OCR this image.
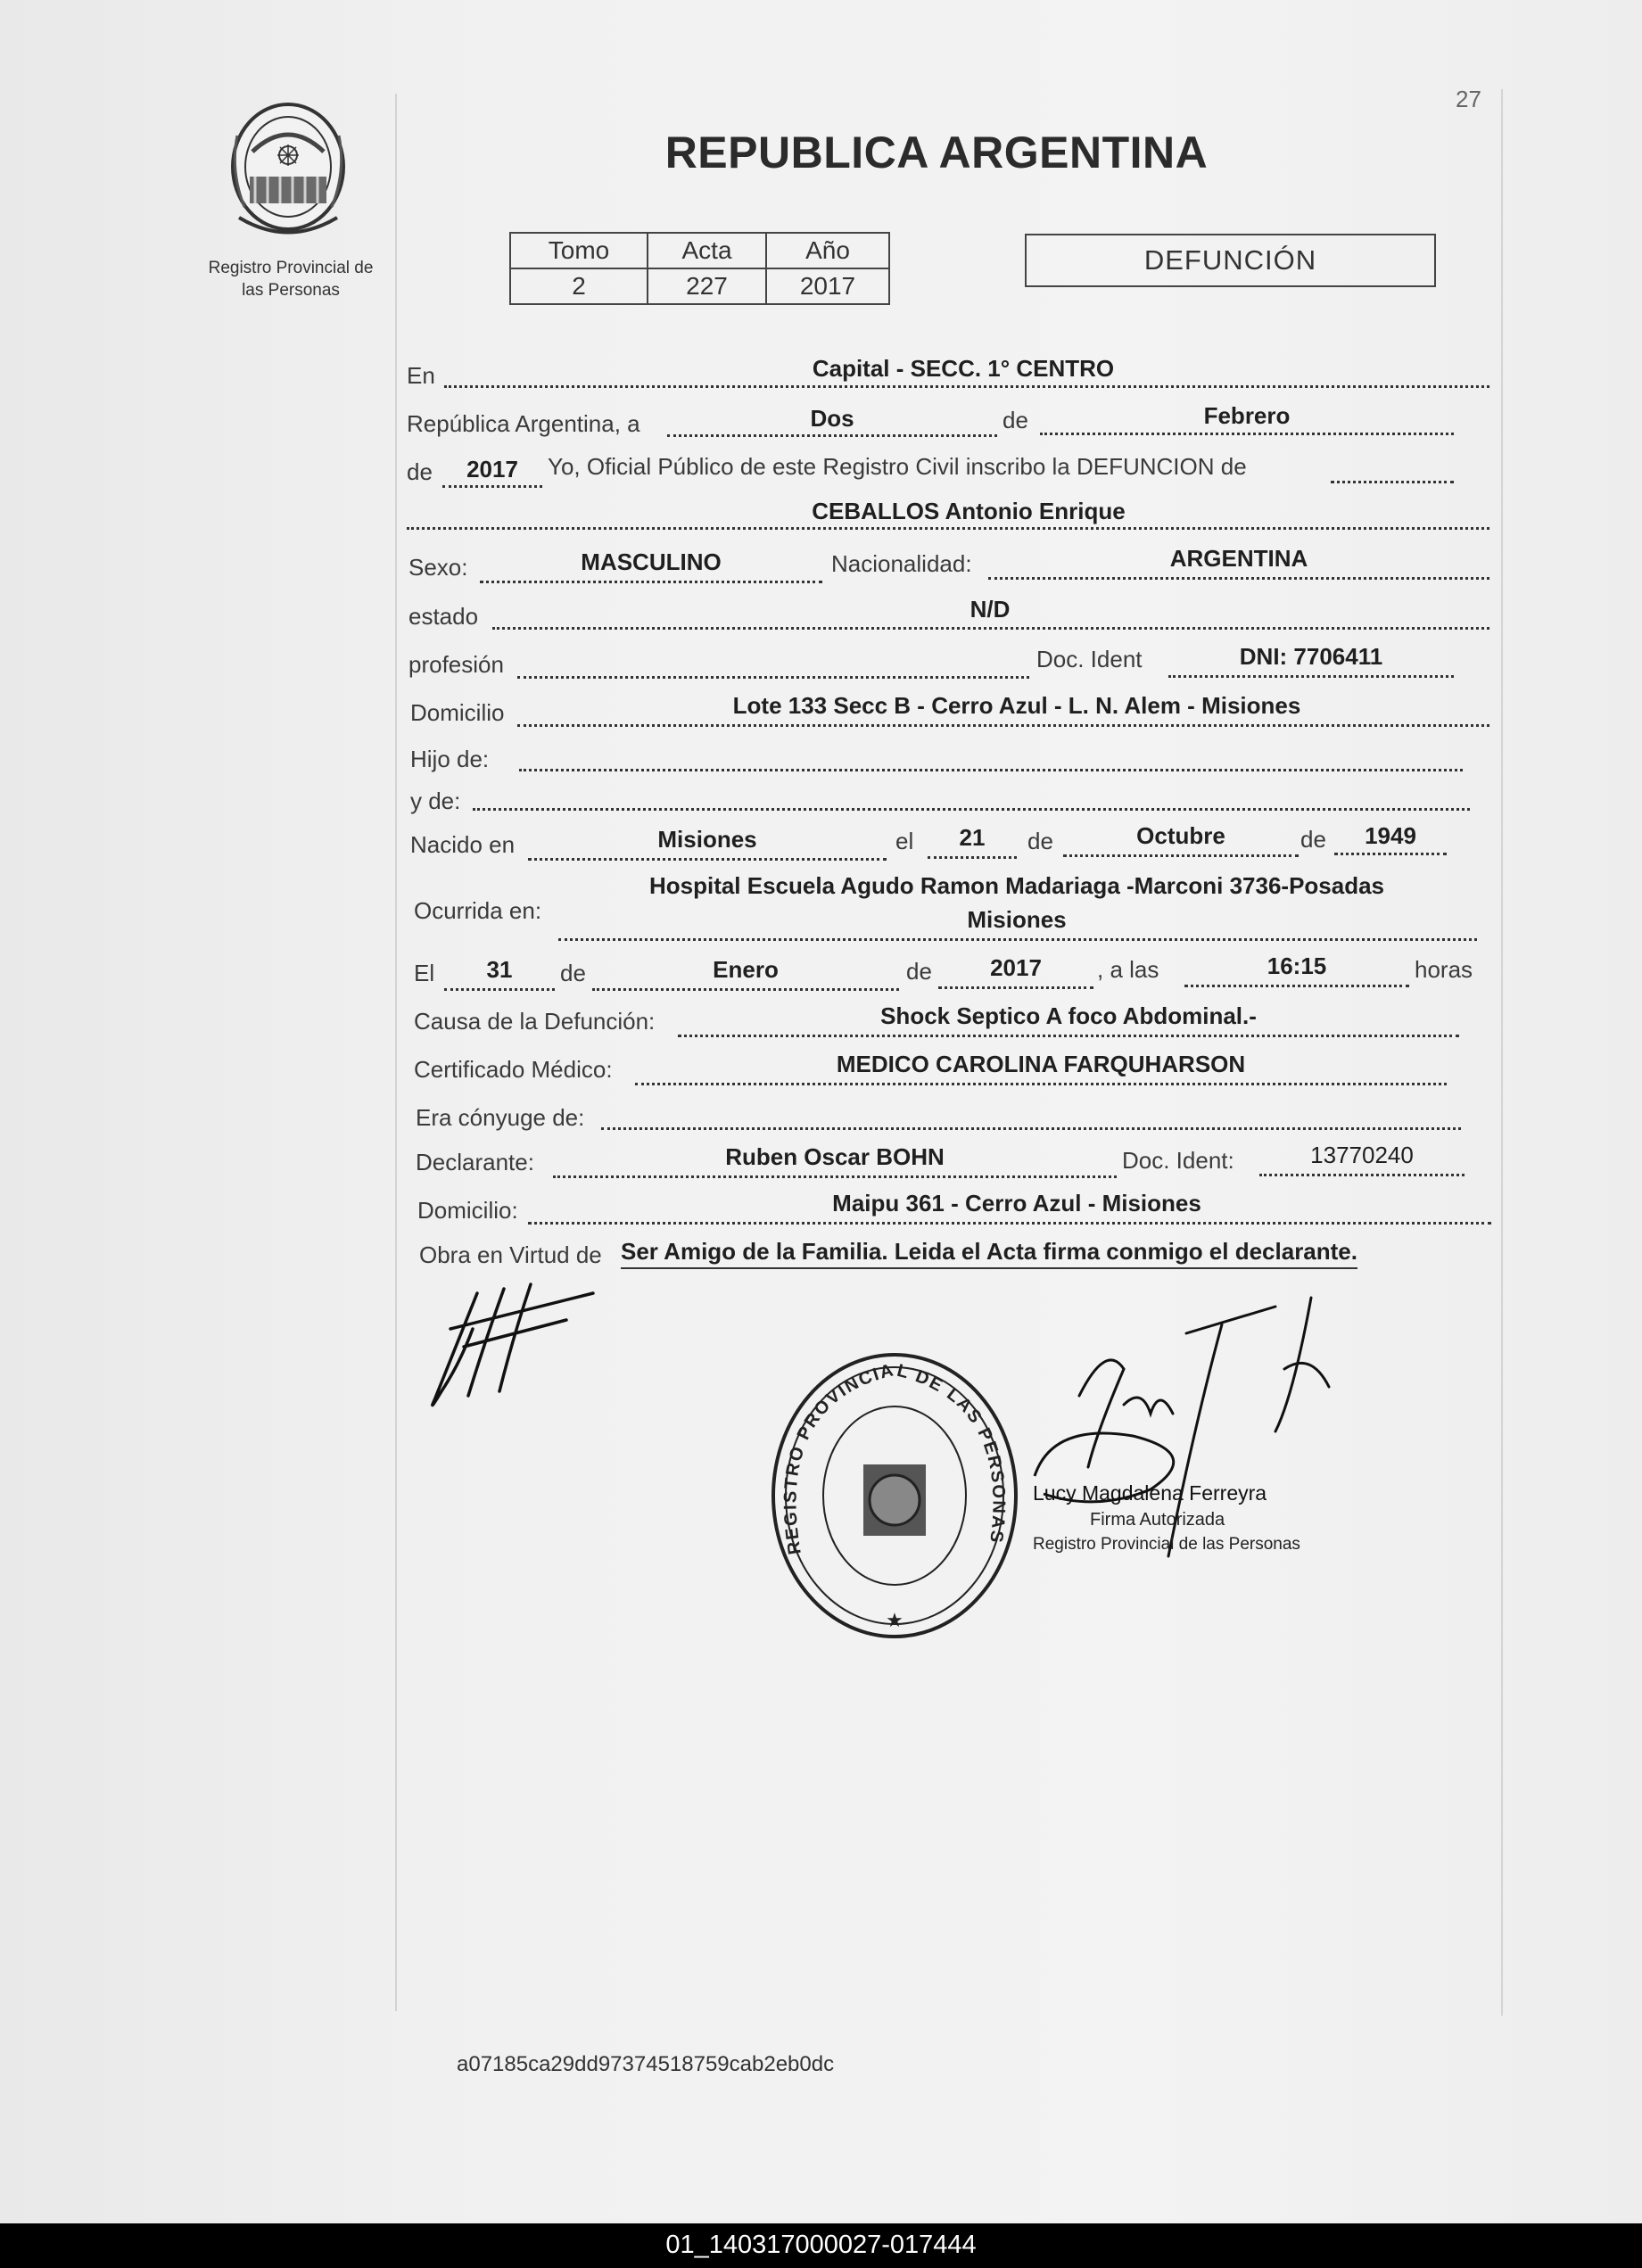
27
Registro Provincial de
las Personas
REPUBLICA ARGENTINA
Tomo	Acta	Año
2	227	2017
DEFUNCIÓN
En	Capital - SECC. 1° CENTRO
República Argentina, a	Dos	de	Febrero
de	2017	Yo, Oficial Público de este Registro Civil inscribo la DEFUNCION de
CEBALLOS Antonio Enrique
Sexo:	MASCULINO	Nacionalidad:	ARGENTINA
estado	N/D
profesión	Doc. Ident	DNI: 7706411
Domicilio	Lote 133 Secc B - Cerro Azul - L. N. Alem - Misiones
Hijo de:
y de:
Nacido en	Misiones	el	21	de	Octubre	de	1949
Ocurrida en:
Hospital Escuela Agudo Ramon Madariaga -Marconi 3736-Posadas
Misiones
El	31	de	Enero	de	2017	, a las	16:15	horas
Causa de la Defunción:	Shock Septico A foco Abdominal.-
Certificado Médico:	MEDICO CAROLINA FARQUHARSON
Era cónyuge de:
Declarante:	Ruben Oscar BOHN	Doc. Ident:	13770240
Domicilio:	Maipu 361 - Cerro Azul - Misiones
Obra en Virtud de Ser Amigo de la Familia. Leida el Acta firma conmigo el declarante.
REGISTRO PROVINCIAL DE LAS PERSONAS
★
Lucy Magdalena Ferreyra
Firma Autorizada
Registro Provincial de las Personas
a07185ca29dd97374518759cab2eb0dc
01_140317000027-017444
